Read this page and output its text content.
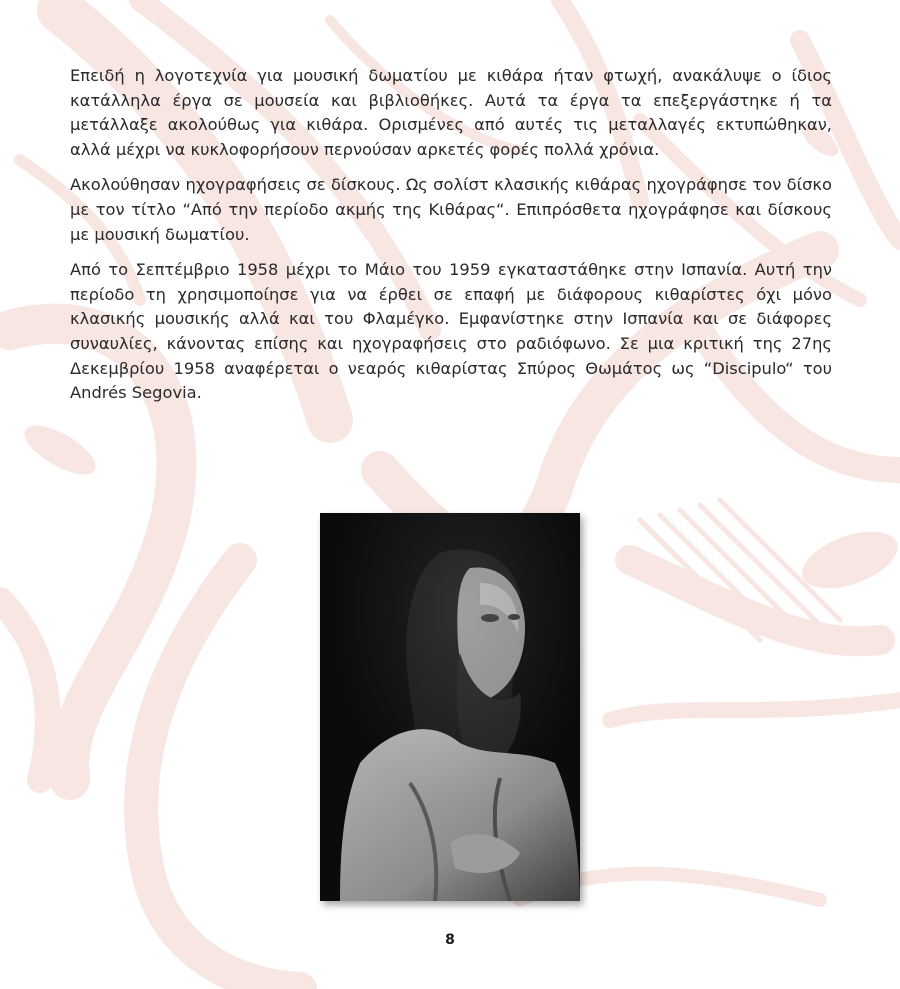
Επειδή η λογοτεχνία για μουσική δωματίου με κιθάρα ήταν φτωχή, ανακάλυψε ο ίδιος κατάλληλα έργα σε μουσεία και βιβλιοθήκες. Αυτά τα έργα τα επεξεργάστηκε ή τα μετάλλαξε ακολούθως για κιθάρα. Ορισμένες από αυτές τις μεταλλαγές εκτυπώθηκαν, αλλά μέχρι να κυκλοφορήσουν περνούσαν αρκετές φορές πολλά χρόνια.

Ακολούθησαν ηχογραφήσεις σε δίσκους. Ως σολίστ κλασικής κιθάρας ηχογράφησε τον δίσκο με τον τίτλο “Από την περίοδο ακμής της Κιθάρας“. Επιπρόσθετα ηχογράφησε και δίσκους με μουσική δωματίου.

Από το Σεπτέμβριο 1958 μέχρι το Μάιο του 1959 εγκαταστάθηκε στην Ισπανία. Αυτή την περίοδο τη χρησιμοποίησε για να έρθει σε επαφή με διάφορους κιθαρίστες όχι μόνο κλασικής μουσικής αλλά και του Φλαμέγκο. Εμφανίστηκε στην Ισπανία και σε διάφορες συναυλίες, κάνοντας επίσης και ηχογραφήσεις στο ραδιόφωνο. Σε μια κριτική της 27ης Δεκεμβρίου 1958 αναφέρεται ο νεαρός κιθαρίστας Σπύρος Θωμάτος ως “Discipulo“ του Andrés Segovia.

8
